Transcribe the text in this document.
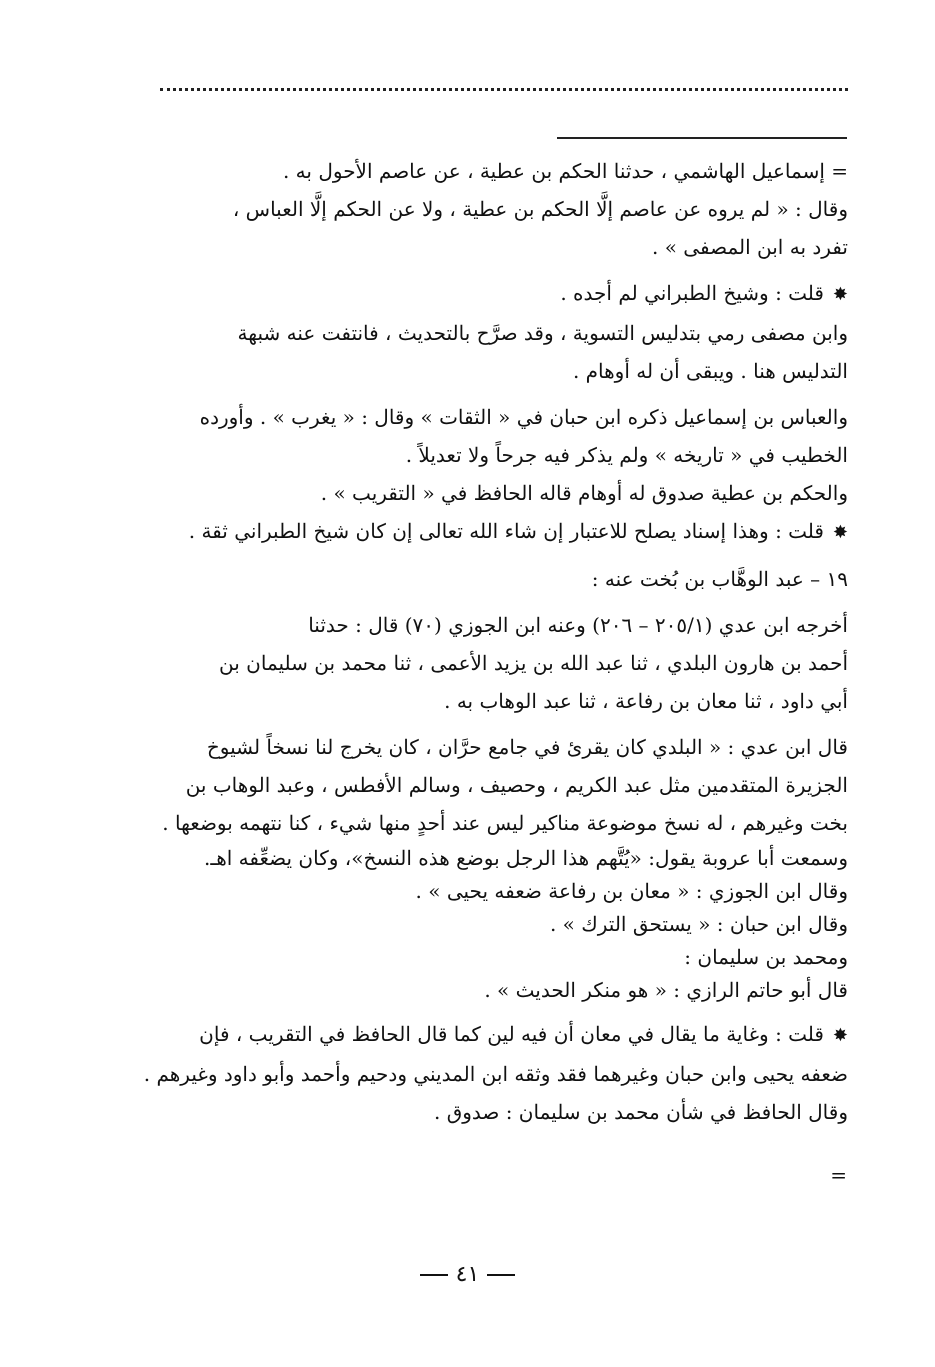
= إسماعيل الهاشمي ، حدثنا الحكم بن عطية ، عن عاصم الأحول به .
وقال : « لم يروه عن عاصم إلَّا الحكم بن عطية ، ولا عن الحكم إلَّا العباس ،
تفرد به ابن المصفى » .
✸قلت : وشيخ الطبراني لم أجده .
وابن مصفى رمي بتدليس التسوية ، وقد صرَّح بالتحديث ، فانتفت عنه شبهة
التدليس هنا . ويبقى أن له أوهام .
والعباس بن إسماعيل ذكره ابن حبان في « الثقات » وقال : « يغرب » . وأورده
الخطيب في « تاريخه » ولم يذكر فيه جرحاً ولا تعديلاً .
والحكم بن عطية صدوق له أوهام قاله الحافظ في « التقريب » .
✸قلت : وهذا إسناد يصلح للاعتبار إن شاء الله تعالى إن كان شيخ الطبراني ثقة .
١٩ – عبد الوهَّاب بن بُخت عنه :
أخرجه ابن عدي (٢٠٥/١ – ٢٠٦) وعنه ابن الجوزي (٧٠) قال : حدثنا
أحمد بن هارون البلدي ، ثنا عبد الله بن يزيد الأعمى ، ثنا محمد بن سليمان بن
أبي داود ، ثنا معان بن رفاعة ، ثنا عبد الوهاب به .
قال ابن عدي : « البلدي كان يقرئ في جامع حرَّان ، كان يخرج لنا نسخاً لشيوخ
الجزيرة المتقدمين مثل عبد الكريم ، وحصيف ، وسالم الأفطس ، وعبد الوهاب بن
بخت وغيرهم ، له نسخ موضوعة مناكير ليس عند أحدٍ منها شيء ، كنا نتهمه بوضعها .
وسمعت أبا عروبة يقول: «يُتَّهم هذا الرجل بوضع هذه النسخ»، وكان يضعِّفه اهـ.
وقال ابن الجوزي : « معان بن رفاعة ضعفه يحيى » .
وقال ابن حبان : « يستحق الترك » .
ومحمد بن سليمان :
قال أبو حاتم الرازي : « هو منكر الحديث » .
✸قلت : وغاية ما يقال في معان أن فيه لين كما قال الحافظ في التقريب ، فإن
ضعفه يحيى وابن حبان وغيرهما فقد وثقه ابن المديني ودحيم وأحمد وأبو داود وغيرهم .
وقال الحافظ في شأن محمد بن سليمان : صدوق .
=
٤١
